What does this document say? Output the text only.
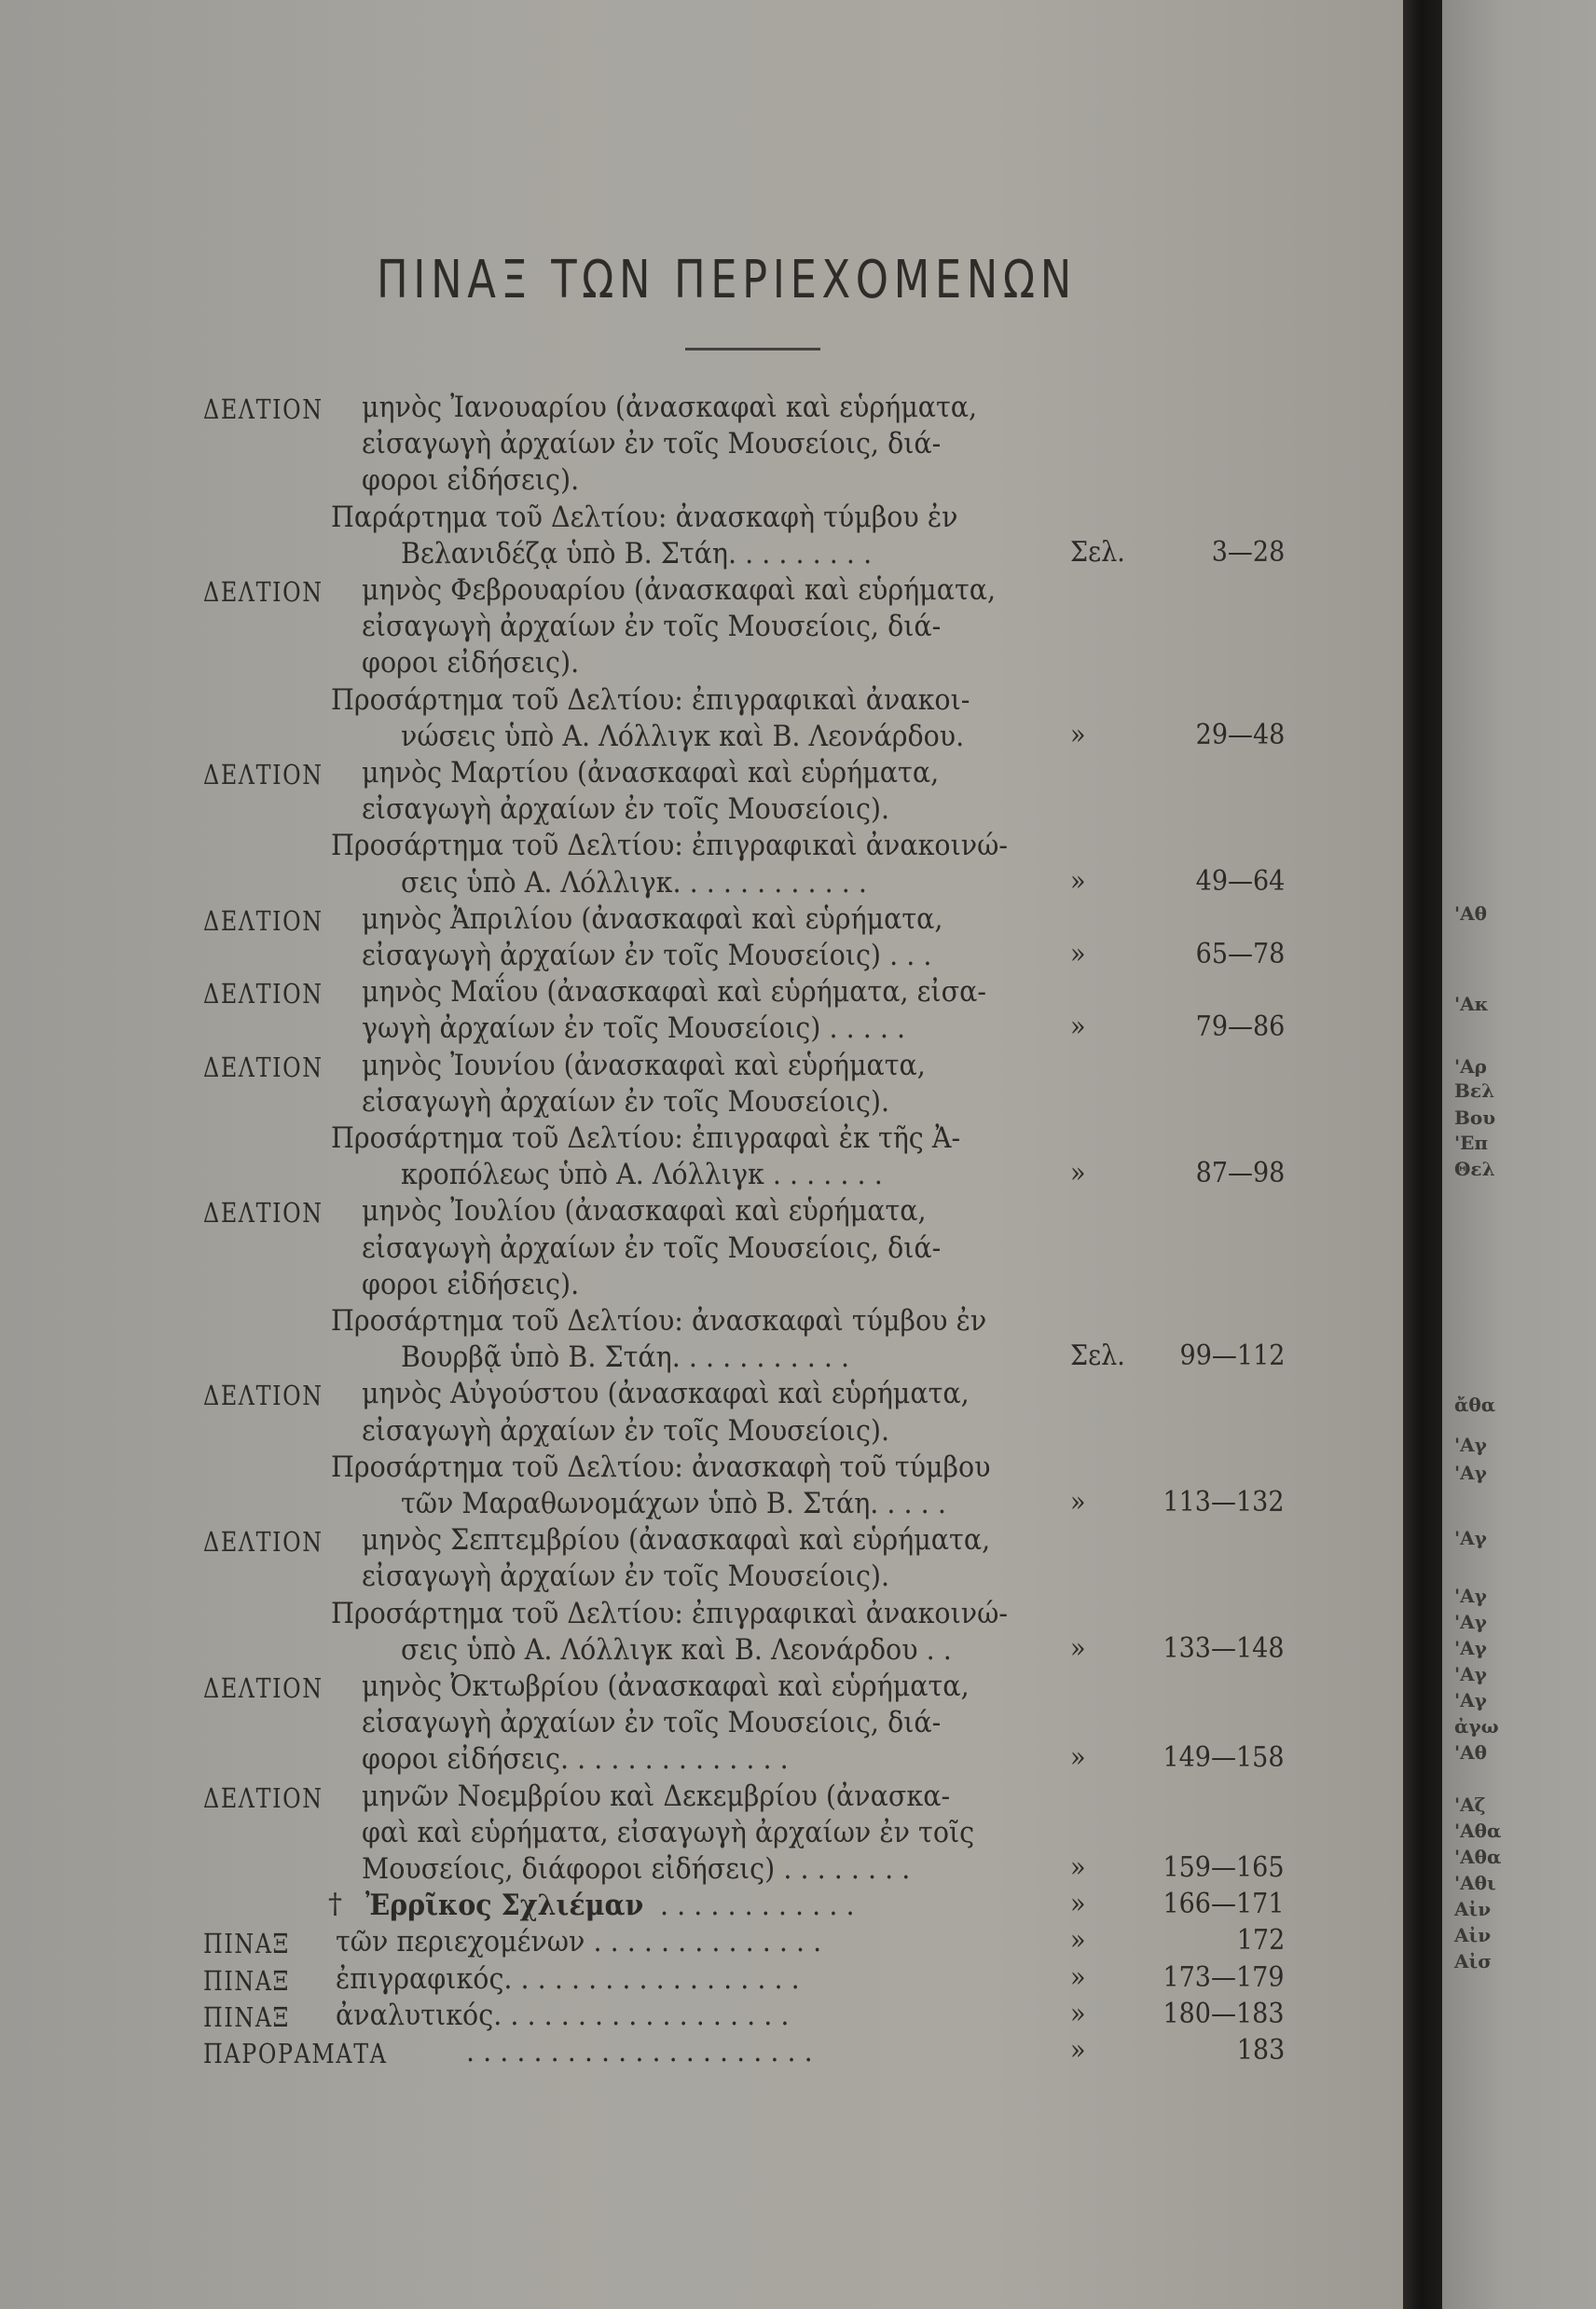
ΠΙΝΑΞ ΤΩΝ ΠΕΡΙΕΧΟΜΕΝΩΝ
ΔΕΛΤΙΟΝ μηνὸς Ἰανουαρίου (ἀνασκαφαὶ καὶ εὑρήματα,
εἰσαγωγὴ ἀρχαίων ἐν τοῖς Μουσείοις, διά-
φοροι εἰδήσεις).
Παράρτημα τοῦ Δελτίου: ἀνασκαφὴ τύμβου ἐν
Βελανιδέζᾳ ὑπὸ Β. Στάη. . . . . . . . .	Σελ.	3—28
ΔΕΛΤΙΟΝ μηνὸς Φεβρουαρίου (ἀνασκαφαὶ καὶ εὑρήματα,
εἰσαγωγὴ ἀρχαίων ἐν τοῖς Μουσείοις, διά-
φοροι εἰδήσεις).
Προσάρτημα τοῦ Δελτίου: ἐπιγραφικαὶ ἀνακοι-
νώσεις ὑπὸ Α. Λόλλιγκ καὶ Β. Λεονάρδου.	»	29—48
ΔΕΛΤΙΟΝ μηνὸς Μαρτίου (ἀνασκαφαὶ καὶ εὑρήματα,
εἰσαγωγὴ ἀρχαίων ἐν τοῖς Μουσείοις).
Προσάρτημα τοῦ Δελτίου: ἐπιγραφικαὶ ἀνακοινώ-
σεις ὑπὸ Α. Λόλλιγκ. . . . . . . . . . . .	»	49—64
ΔΕΛΤΙΟΝ μηνὸς Ἀπριλίου (ἀνασκαφαὶ καὶ εὑρήματα,
εἰσαγωγὴ ἀρχαίων ἐν τοῖς Μουσείοις) . . .	»	65—78
ΔΕΛΤΙΟΝ μηνὸς Μαΐου (ἀνασκαφαὶ καὶ εὑρήματα, εἰσα-
γωγὴ ἀρχαίων ἐν τοῖς Μουσείοις) . . . . .	»	79—86
ΔΕΛΤΙΟΝ μηνὸς Ἰουνίου (ἀνασκαφαὶ καὶ εὑρήματα,
εἰσαγωγὴ ἀρχαίων ἐν τοῖς Μουσείοις).
Προσάρτημα τοῦ Δελτίου: ἐπιγραφαὶ ἐκ τῆς Ἀ-
κροπόλεως ὑπὸ Α. Λόλλιγκ . . . . . . .	»	87—98
ΔΕΛΤΙΟΝ μηνὸς Ἰουλίου (ἀνασκαφαὶ καὶ εὑρήματα,
εἰσαγωγὴ ἀρχαίων ἐν τοῖς Μουσείοις, διά-
φοροι εἰδήσεις).
Προσάρτημα τοῦ Δελτίου: ἀνασκαφαὶ τύμβου ἐν
Βουρβᾷ ὑπὸ Β. Στάη. . . . . . . . . . .	Σελ. 99—112
ΔΕΛΤΙΟΝ μηνὸς Αὐγούστου (ἀνασκαφαὶ καὶ εὑρήματα,
εἰσαγωγὴ ἀρχαίων ἐν τοῖς Μουσείοις).
Προσάρτημα τοῦ Δελτίου: ἀνασκαφὴ τοῦ τύμβου
τῶν Μαραθωνομάχων ὑπὸ Β. Στάη. . . . .	»	113—132
ΔΕΛΤΙΟΝ μηνὸς Σεπτεμβρίου (ἀνασκαφαὶ καὶ εὑρήματα,
εἰσαγωγὴ ἀρχαίων ἐν τοῖς Μουσείοις).
Προσάρτημα τοῦ Δελτίου: ἐπιγραφικαὶ ἀνακοινώ-
σεις ὑπὸ Α. Λόλλιγκ καὶ Β. Λεονάρδου . .	»	133—148
ΔΕΛΤΙΟΝ μηνὸς Ὀκτωβρίου (ἀνασκαφαὶ καὶ εὑρήματα,
εἰσαγωγὴ ἀρχαίων ἐν τοῖς Μουσείοις, διά-
φοροι εἰδήσεις. . . . . . . . . . . . . .	»	149—158
ΔΕΛΤΙΟΝ μηνῶν Νοεμβρίου καὶ Δεκεμβρίου (ἀνασκα-
φαὶ καὶ εὑρήματα, εἰσαγωγὴ ἀρχαίων ἐν τοῖς
Μουσείοις, διάφοροι εἰδήσεις) . . . . . . . .	»	159—165
† Ἐρρῖκος Σχλιέμαν . . . . . . . . . . . .	»	166—171
ΠΙΝΑΞ τῶν περιεχομένων . . . . . . . . . . . . . .	»	172
ΠΙΝΑΞ ἐπιγραφικός. . . . . . . . . . . . . . . . . .	»	173—179
ΠΙΝΑΞ ἀναλυτικός. . . . . . . . . . . . . . . . . .	»	180—183
ΠΑΡΟΡΑΜΑΤΑ	. . . . . . . . . . . . . . . . . . . . .	»	183
'Αθ
'Ακ
'Αρ
Βελ
Βου
'Επ
Θελ
ἄθα
'Αγ
'Αγ
'Αγ
'Αγ
'Αγ
'Αγ
'Αγ
'Αγ
ἀγω
'Αθ
'Αζ
'Αθα
'Αθα
'Αθι
Αἰν
Αἰν
Αἰσ
